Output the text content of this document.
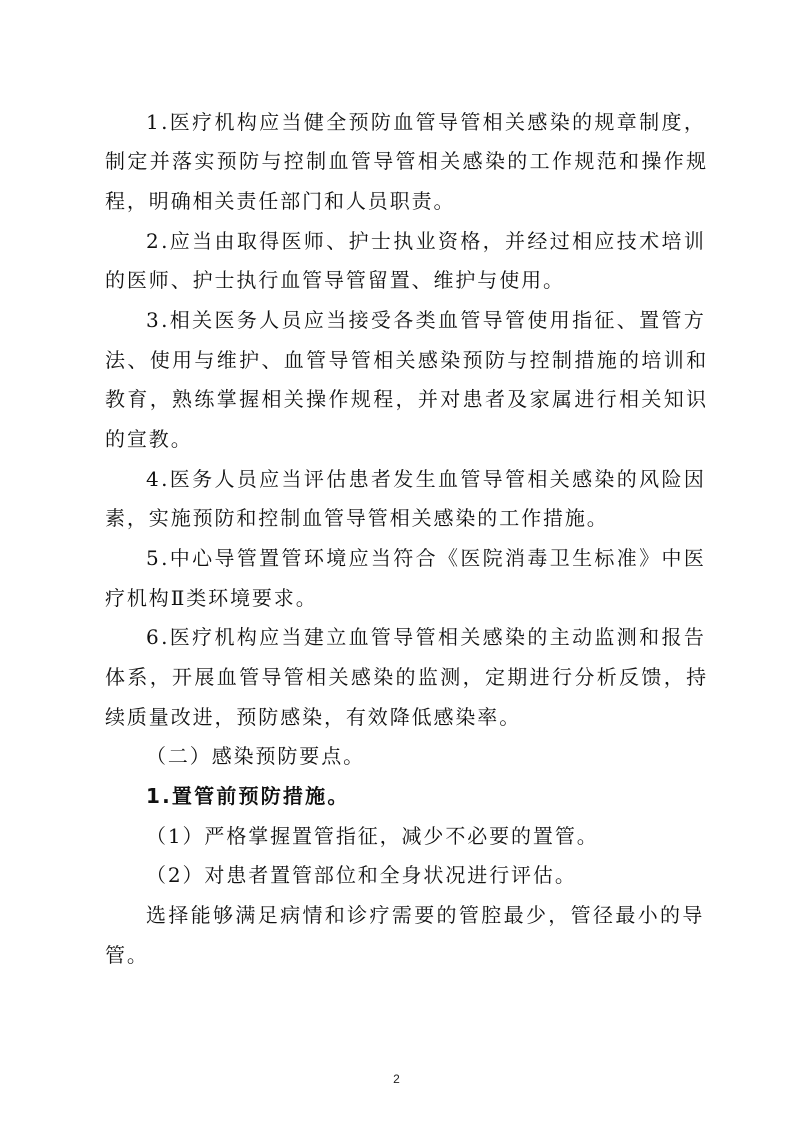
1.医疗机构应当健全预防血管导管相关感染的规章制度，
制定并落实预防与控制血管导管相关感染的工作规范和操作规
程，明确相关责任部门和人员职责。
2.应当由取得医师、护士执业资格，并经过相应技术培训
的医师、护士执行血管导管留置、维护与使用。
3.相关医务人员应当接受各类血管导管使用指征、置管方
法、使用与维护、血管导管相关感染预防与控制措施的培训和
教育，熟练掌握相关操作规程，并对患者及家属进行相关知识
的宣教。
4.医务人员应当评估患者发生血管导管相关感染的风险因
素，实施预防和控制血管导管相关感染的工作措施。
5.中心导管置管环境应当符合《医院消毒卫生标准》中医
疗机构Ⅱ类环境要求。
6.医疗机构应当建立血管导管相关感染的主动监测和报告
体系，开展血管导管相关感染的监测，定期进行分析反馈，持
续质量改进，预防感染，有效降低感染率。
（二）感染预防要点。
1.置管前预防措施。
（1）严格掌握置管指征，减少不必要的置管。
（2）对患者置管部位和全身状况进行评估。
选择能够满足病情和诊疗需要的管腔最少，管径最小的导
管。
2
